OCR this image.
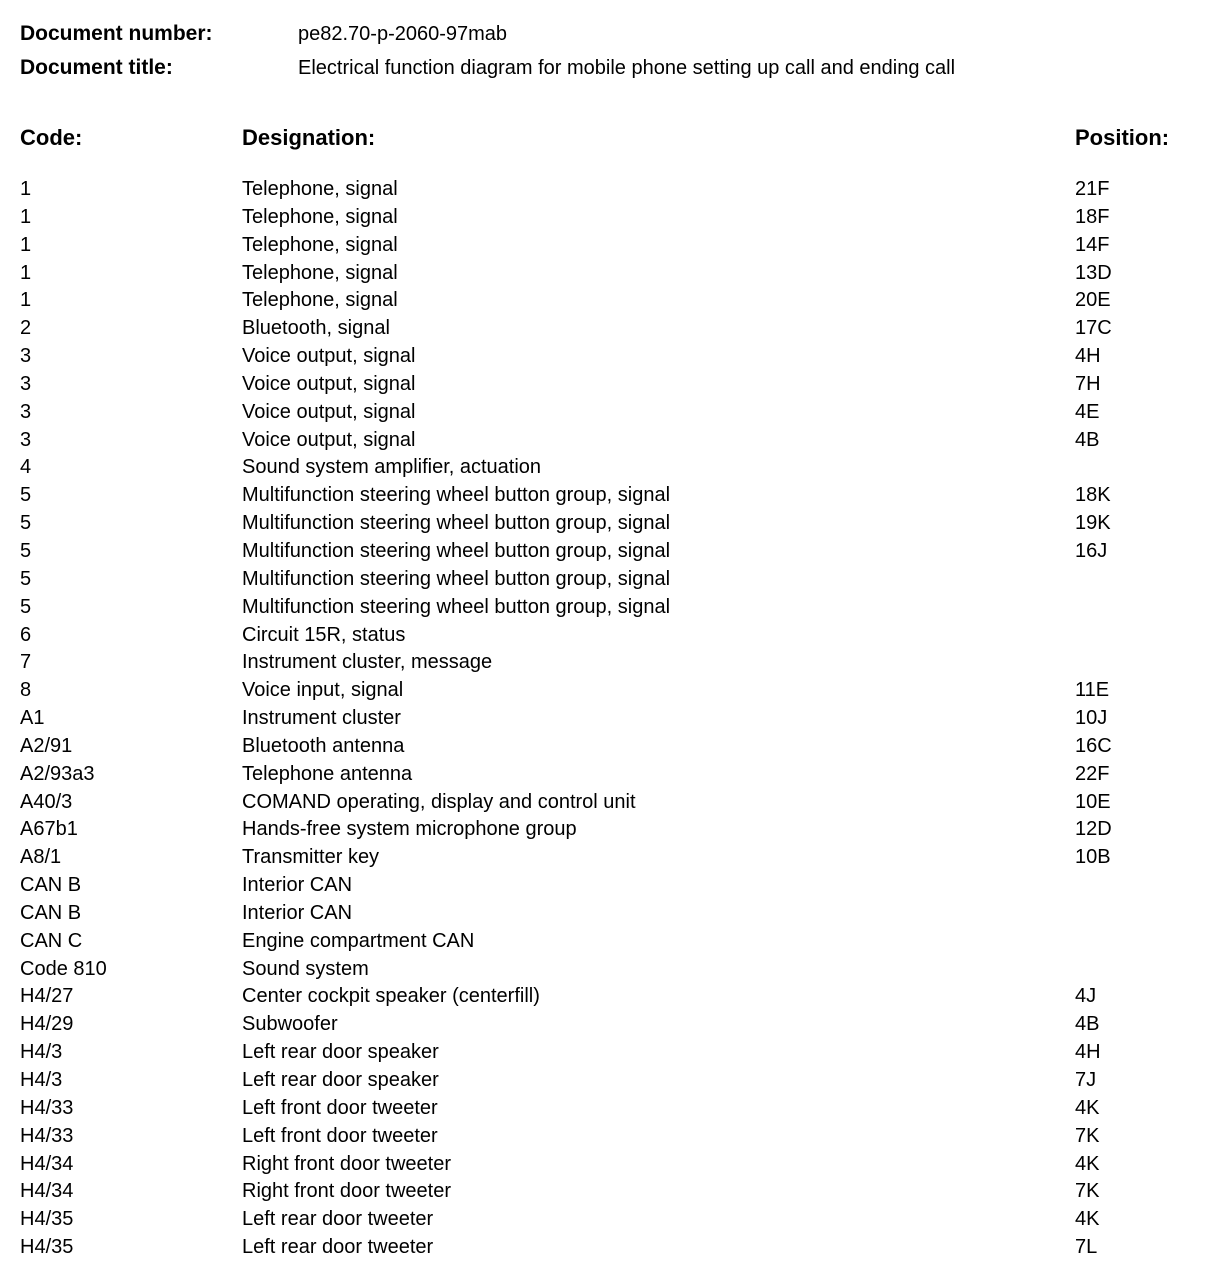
Document number:	pe82.70-p-2060-97mab
Document title:	Electrical function diagram for mobile phone setting up call and ending call
Code:	Designation:	Position:
1	Telephone, signal	21F
1	Telephone, signal	18F
1	Telephone, signal	14F
1	Telephone, signal	13D
1	Telephone, signal	20E
2	Bluetooth, signal	17C
3	Voice output, signal	4H
3	Voice output, signal	7H
3	Voice output, signal	4E
3	Voice output, signal	4B
4	Sound system amplifier, actuation
5	Multifunction steering wheel button group, signal	18K
5	Multifunction steering wheel button group, signal	19K
5	Multifunction steering wheel button group, signal	16J
5	Multifunction steering wheel button group, signal
5	Multifunction steering wheel button group, signal
6	Circuit 15R, status
7	Instrument cluster, message
8	Voice input, signal	11E
A1	Instrument cluster	10J
A2/91	Bluetooth antenna	16C
A2/93a3	Telephone antenna	22F
A40/3	COMAND operating, display and control unit	10E
A67b1	Hands-free system microphone group	12D
A8/1	Transmitter key	10B
CAN B	Interior CAN
CAN B	Interior CAN
CAN C	Engine compartment CAN
Code 810	Sound system
H4/27	Center cockpit speaker (centerfill)	4J
H4/29	Subwoofer	4B
H4/3	Left rear door speaker	4H
H4/3	Left rear door speaker	7J
H4/33	Left front door tweeter	4K
H4/33	Left front door tweeter	7K
H4/34	Right front door tweeter	4K
H4/34	Right front door tweeter	7K
H4/35	Left rear door tweeter	4K
H4/35	Left rear door tweeter	7L
